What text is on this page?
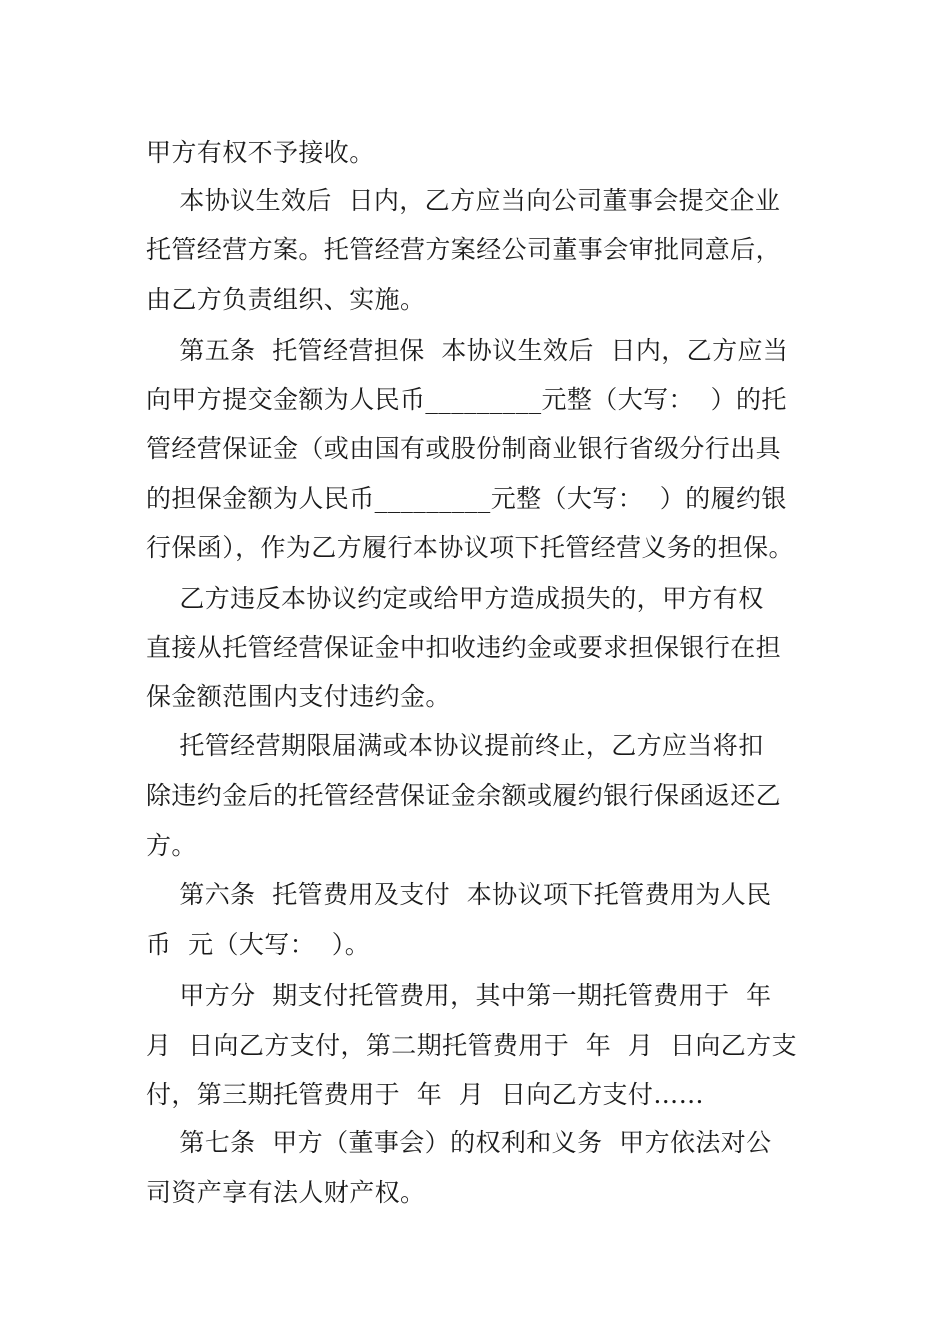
甲方有权不予接收。
本协议生效后  日内，乙方应当向公司董事会提交企业
托管经营方案。托管经营方案经公司董事会审批同意后，
由乙方负责组织、实施。
第五条  托管经营担保  本协议生效后  日内，乙方应当
向甲方提交金额为人民币_________元整（大写：  ）的托
管经营保证金（或由国有或股份制商业银行省级分行出具
的担保金额为人民币_________元整（大写：  ）的履约银
行保函），作为乙方履行本协议项下托管经营义务的担保。
乙方违反本协议约定或给甲方造成损失的，甲方有权
直接从托管经营保证金中扣收违约金或要求担保银行在担
保金额范围内支付违约金。
托管经营期限届满或本协议提前终止，乙方应当将扣
除违约金后的托管经营保证金余额或履约银行保函返还乙
方。
第六条  托管费用及支付  本协议项下托管费用为人民
币  元（大写：  ）。
甲方分  期支付托管费用，其中第一期托管费用于  年
月  日向乙方支付，第二期托管费用于  年  月  日向乙方支
付，第三期托管费用于  年  月  日向乙方支付……
第七条  甲方（董事会）的权利和义务  甲方依法对公
司资产享有法人财产权。
